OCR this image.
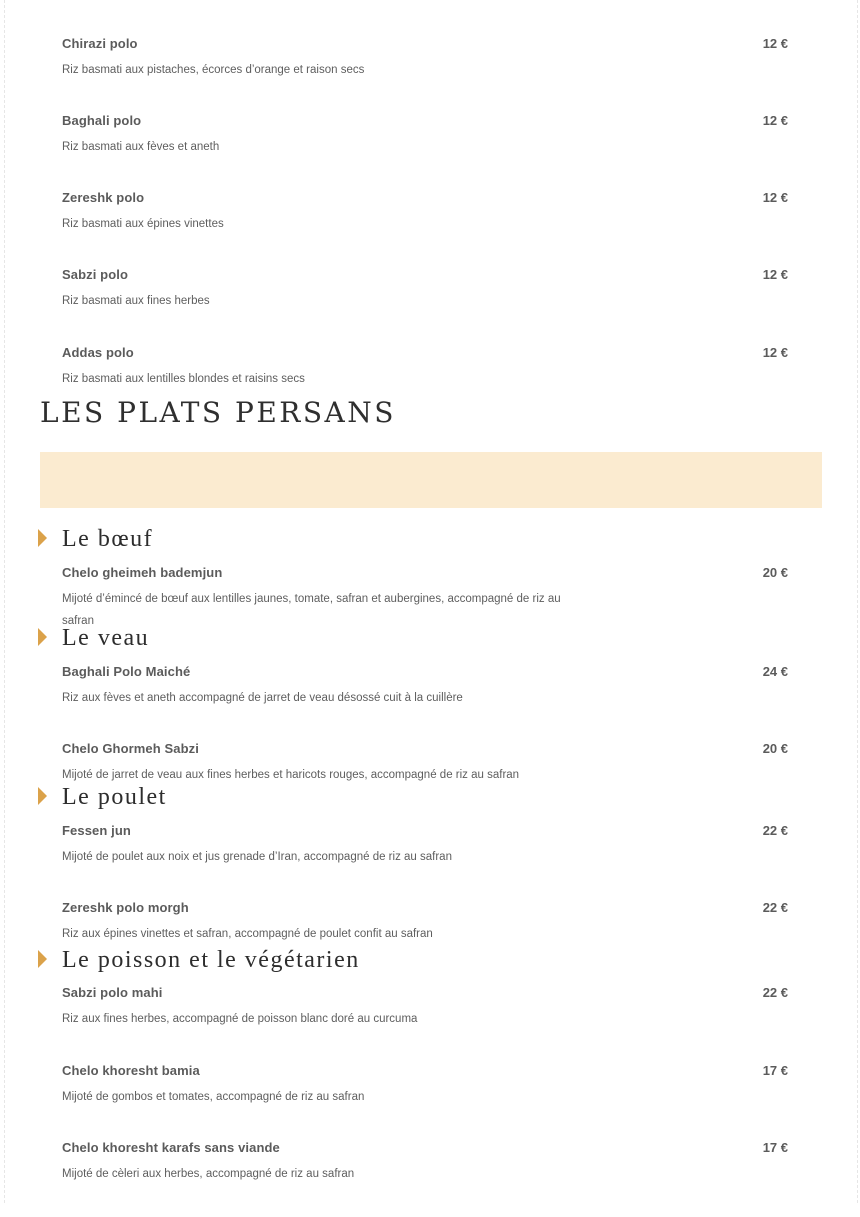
Chirazi polo	12 €
Riz basmati aux pistaches, écorces d’orange et raison secs
Baghali polo	12 €
Riz basmati aux fèves et aneth
Zereshk polo	12 €
Riz basmati aux épines vinettes
Sabzi polo	12 €
Riz basmati aux fines herbes
Addas polo	12 €
Riz basmati aux lentilles blondes et raisins secs
LES PLATS PERSANS
Le bœuf
Chelo gheimeh bademjun	20 €
Mijoté d’émincé de bœuf aux lentilles jaunes, tomate, safran et aubergines, accompagné de riz au safran
Le veau
Baghali Polo Maiché	24 €
Riz aux fèves et aneth accompagné de jarret de veau désossé cuit à la cuillère
Chelo Ghormeh Sabzi	20 €
Mijoté de jarret de veau aux fines herbes et haricots rouges, accompagné de riz au safran
Le poulet
Fessen jun	22 €
Mijoté de poulet aux noix et jus grenade d’Iran, accompagné de riz au safran
Zereshk polo morgh	22 €
Riz aux épines vinettes et safran, accompagné de poulet confit au safran
Le poisson et le végétarien
Sabzi polo mahi	22 €
Riz aux fines herbes, accompagné de poisson blanc doré au curcuma
Chelo khoresht bamia	17 €
Mijoté de gombos et tomates, accompagné de riz au safran
Chelo khoresht karafs sans viande	17 €
Mijoté de cèleri aux herbes, accompagné de riz au safran
